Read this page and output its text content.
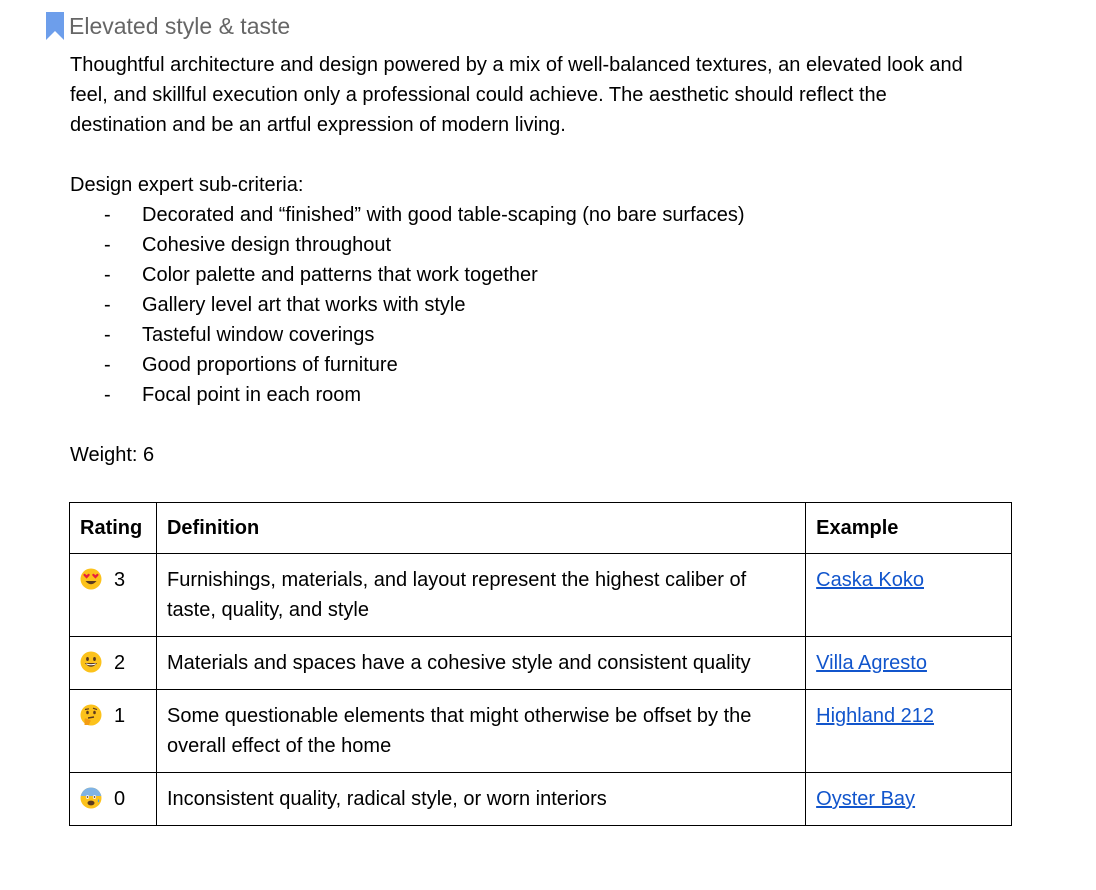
Elevated style & taste

Thoughtful architecture and design powered by a mix of well-balanced textures, an elevated look and feel, and skillful execution only a professional could achieve. The aesthetic should reflect the destination and be an artful expression of modern living.

Design expert sub-criteria:

- Decorated and “finished” with good table-scaping (no bare surfaces)
- Cohesive design throughout
- Color palette and patterns that work together
- Gallery level art that works with style
- Tasteful window coverings
- Good proportions of furniture
- Focal point in each room

Weight: 6

Rating	Definition	Example
3	Furnishings, materials, and layout represent the highest caliber of taste, quality, and style	Caska Koko
2	Materials and spaces have a cohesive style and consistent quality	Villa Agresto
1	Some questionable elements that might otherwise be offset by the overall effect of the home	Highland 212
0	Inconsistent quality, radical style, or worn interiors	Oyster Bay
